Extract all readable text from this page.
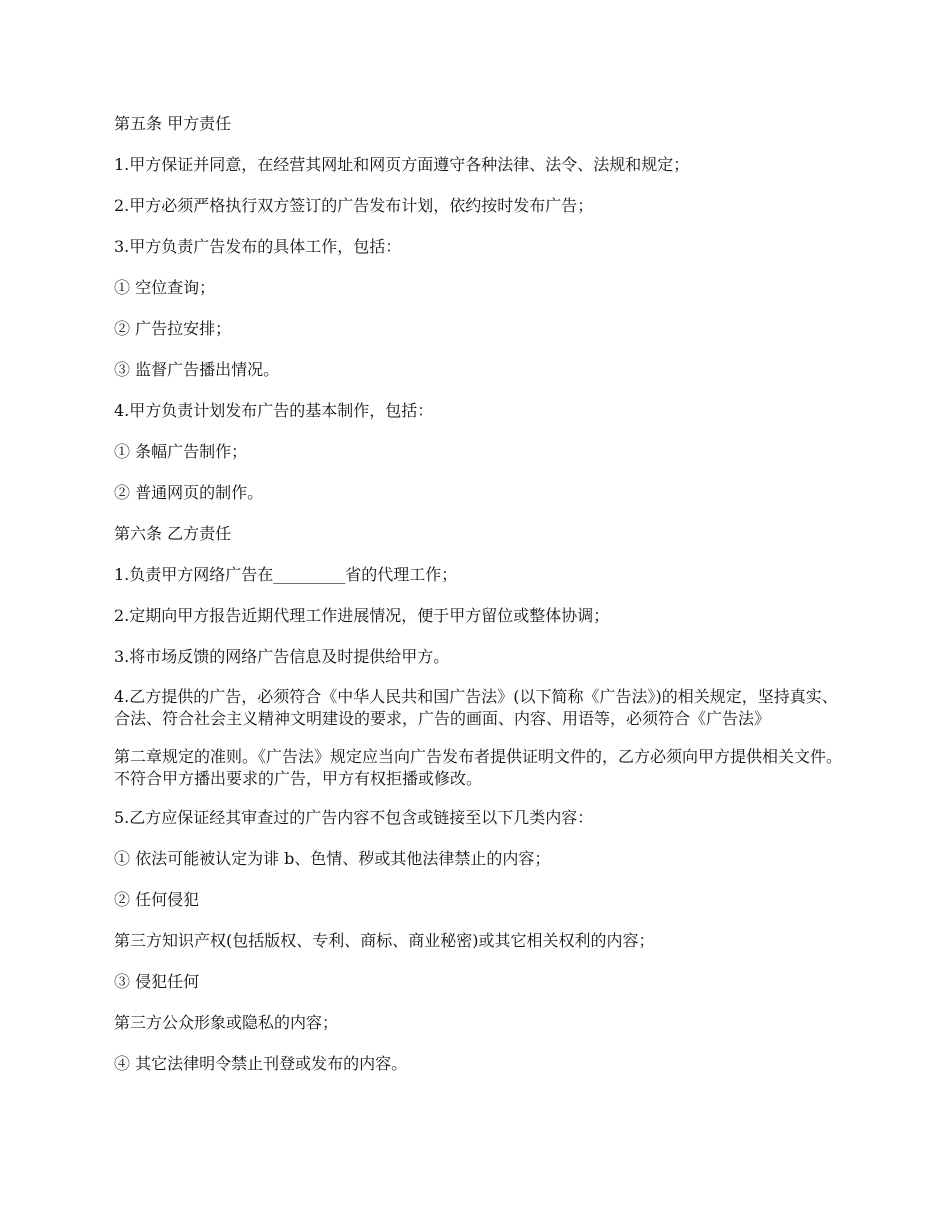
第五条 甲方责任

1.甲方保证并同意，在经营其网址和网页方面遵守各种法律、法令、法规和规定；

2.甲方必须严格执行双方签订的广告发布计划，依约按时发布广告；

3.甲方负责广告发布的具体工作，包括：

① 空位查询；

② 广告拉安排；

③ 监督广告播出情况。

4.甲方负责计划发布广告的基本制作，包括：

① 条幅广告制作；

② 普通网页的制作。

第六条 乙方责任

1.负责甲方网络广告在_________省的代理工作；

2.定期向甲方报告近期代理工作进展情况，便于甲方留位或整体协调；

3.将市场反馈的网络广告信息及时提供给甲方。

4.乙方提供的广告，必须符合《中华人民共和国广告法》(以下简称《广告法》)的相关规定，坚持真实、合法、符合社会主义精神文明建设的要求，广告的画面、内容、用语等，必须符合《广告法》

第二章规定的准则。《广告法》规定应当向广告发布者提供证明文件的，乙方必须向甲方提供相关文件。不符合甲方播出要求的广告，甲方有权拒播或修改。

5.乙方应保证经其审查过的广告内容不包含或链接至以下几类内容：

① 依法可能被认定为诽 b、色情、秽或其他法律禁止的内容；

② 任何侵犯

第三方知识产权(包括版权、专利、商标、商业秘密)或其它相关权利的内容；

③ 侵犯任何

第三方公众形象或隐私的内容；

④ 其它法律明令禁止刊登或发布的内容。
